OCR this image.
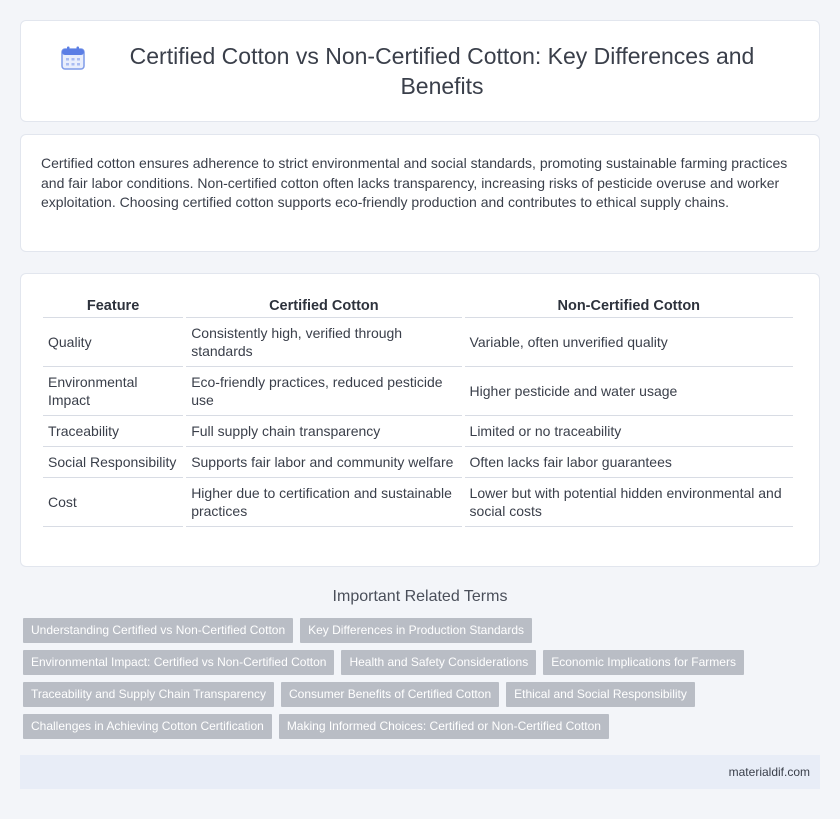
Certified Cotton vs Non-Certified Cotton: Key Differences and Benefits

Certified cotton ensures adherence to strict environmental and social standards, promoting sustainable farming practices and fair labor conditions. Non-certified cotton often lacks transparency, increasing risks of pesticide overuse and worker exploitation. Choosing certified cotton supports eco-friendly production and contributes to ethical supply chains.

Feature	Certified Cotton	Non-Certified Cotton
Quality	Consistently high, verified through standards	Variable, often unverified quality
Environmental Impact	Eco-friendly practices, reduced pesticide use	Higher pesticide and water usage
Traceability	Full supply chain transparency	Limited or no traceability
Social Responsibility	Supports fair labor and community welfare	Often lacks fair labor guarantees
Cost	Higher due to certification and sustainable practices	Lower but with potential hidden environmental and social costs
Important Related Terms
Understanding Certified vs Non-Certified Cotton	Key Differences in Production Standards
Environmental Impact: Certified vs Non-Certified Cotton	Health and Safety Considerations	Economic Implications for Farmers
Traceability and Supply Chain Transparency	Consumer Benefits of Certified Cotton	Ethical and Social Responsibility
Challenges in Achieving Cotton Certification	Making Informed Choices: Certified or Non-Certified Cotton
materialdif.com
